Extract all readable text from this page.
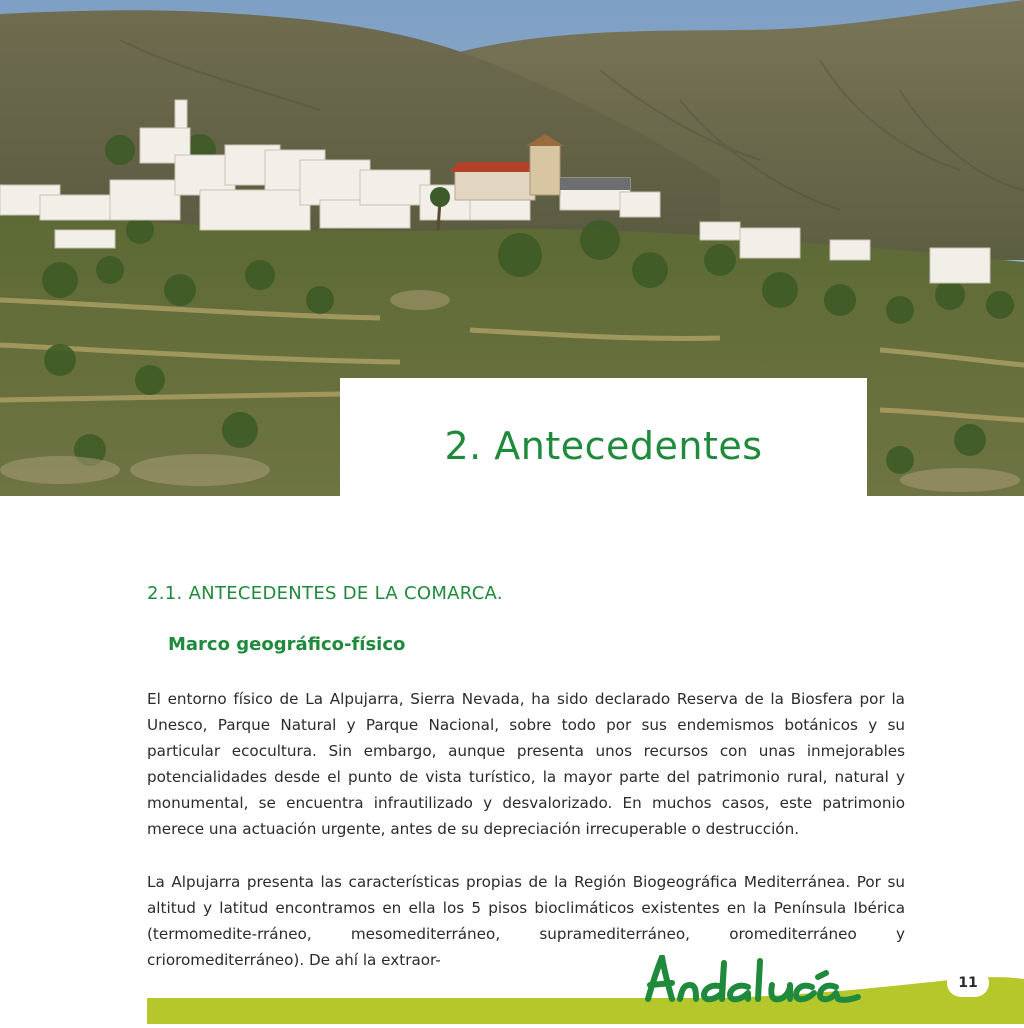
2. Antecedentes
2.1. ANTECEDENTES DE LA COMARCA.
Marco geográfico-físico

El entorno físico de La Alpujarra, Sierra Nevada, ha sido declarado Reserva de la Biosfera por la Unesco, Parque Natural y Parque Nacional, sobre todo por sus endemismos botánicos y su particular ecocultura. Sin embargo, aunque presenta unos recursos con unas inmejorables potencialidades desde el punto de vista turístico, la mayor parte del patrimonio rural, natural y monumental, se encuentra infrautilizado y desvalorizado. En muchos casos, este patrimonio merece una actuación urgente, antes de su depreciación irrecuperable o destrucción.

La Alpujarra presenta las características propias de la Región Biogeográfica Mediterránea. Por su altitud y latitud encontramos en ella los 5 pisos bioclimáticos existentes en la Península Ibérica (termomedite-rráneo, mesomediterráneo, supramediterráneo, oromediterráneo y crioromediterráneo). De ahí la extraor-

11
